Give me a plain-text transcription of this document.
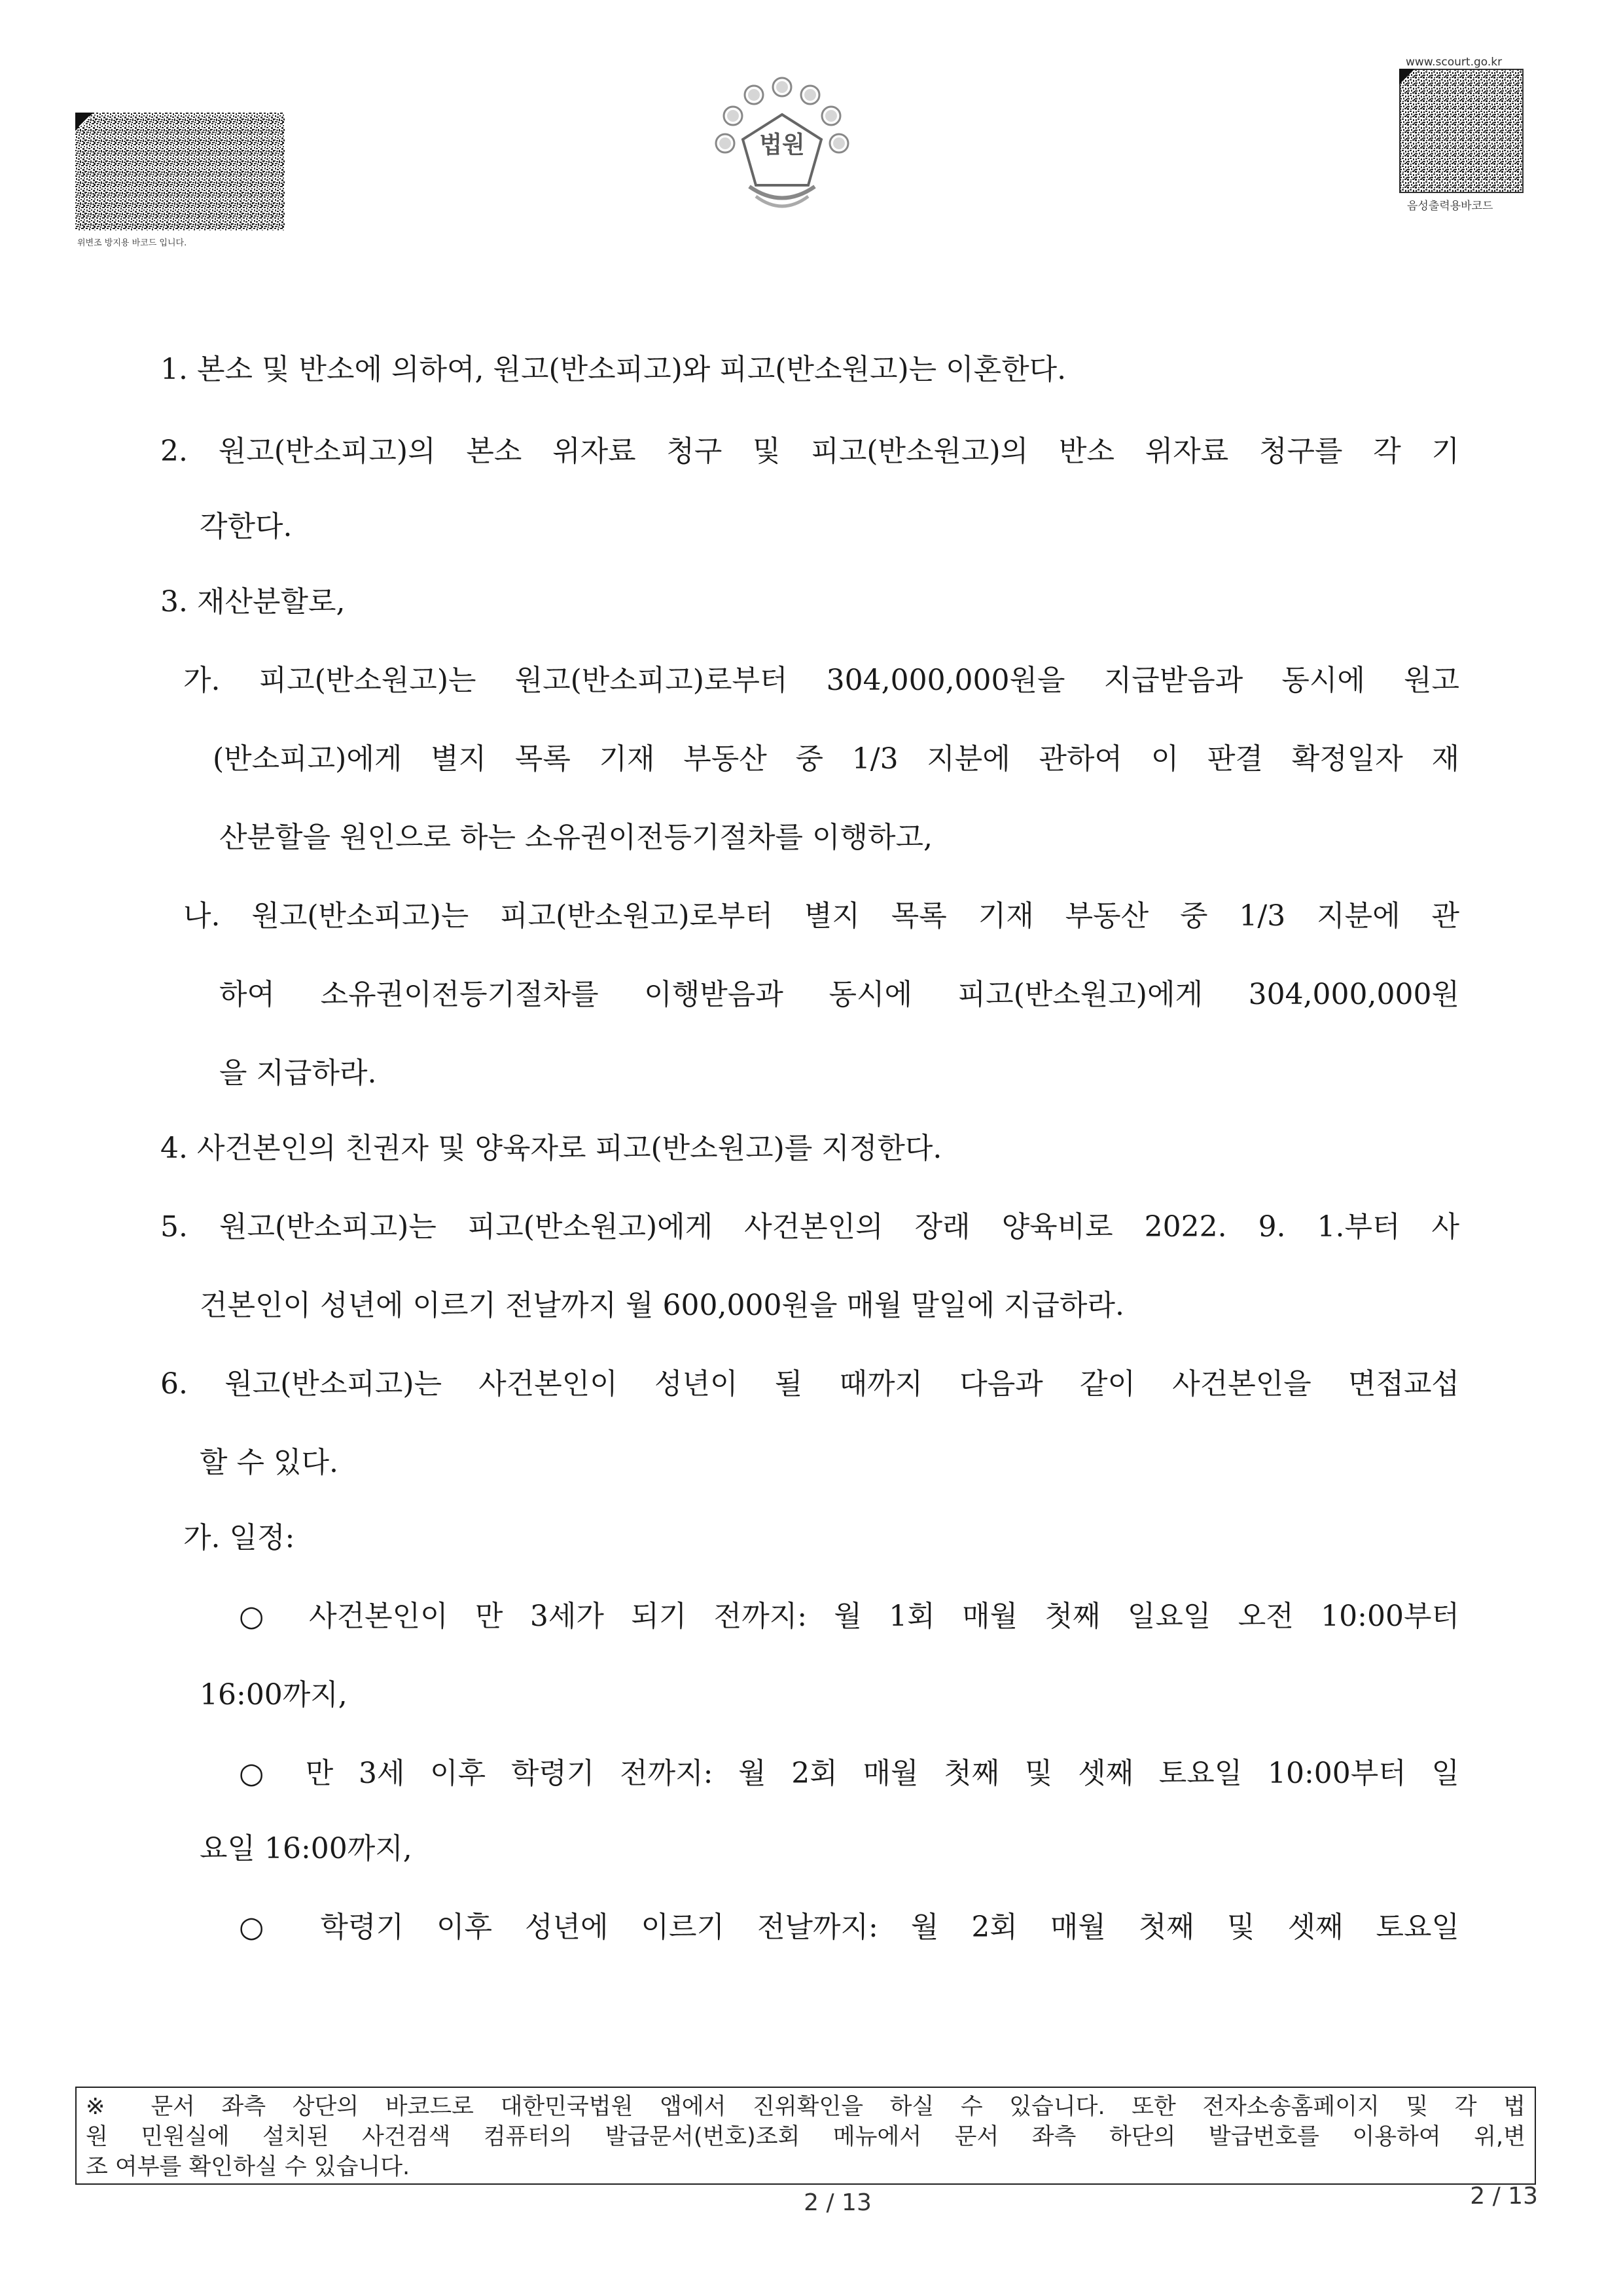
위변조 방지용 바코드 입니다.
법원
www.scourt.go.kr
음성출력용바코드
1. 본소 및 반소에 의하여, 원고(반소피고)와 피고(반소원고)는 이혼한다.
2. 원고(반소피고)의 본소 위자료 청구 및 피고(반소원고)의 반소 위자료 청구를 각 기
각한다.
3. 재산분할로,
가. 피고(반소원고)는 원고(반소피고)로부터 304,000,000원을 지급받음과 동시에 원고
(반소피고)에게 별지 목록 기재 부동산 중 1/3 지분에 관하여 이 판결 확정일자 재
산분할을 원인으로 하는 소유권이전등기절차를 이행하고,
나. 원고(반소피고)는 피고(반소원고)로부터 별지 목록 기재 부동산 중 1/3 지분에 관
하여 소유권이전등기절차를 이행받음과 동시에 피고(반소원고)에게 304,000,000원
을 지급하라.
4. 사건본인의 친권자 및 양육자로 피고(반소원고)를 지정한다.
5. 원고(반소피고)는 피고(반소원고)에게 사건본인의 장래 양육비로 2022. 9. 1.부터 사
건본인이 성년에 이르기 전날까지 월 600,000원을 매월 말일에 지급하라.
6. 원고(반소피고)는 사건본인이 성년이 될 때까지 다음과 같이 사건본인을 면접교섭
할 수 있다.
가. 일정:
○ 사건본인이 만 3세가 되기 전까지: 월 1회 매월 첫째 일요일 오전 10:00부터
16:00까지,
○ 만 3세 이후 학령기 전까지: 월 2회 매월 첫째 및 셋째 토요일 10:00부터 일
요일 16:00까지,
○ 학령기 이후 성년에 이르기 전날까지: 월 2회 매월 첫째 및 셋째 토요일
※ 문서 좌측 상단의 바코드로 대한민국법원 앱에서 진위확인을 하실 수 있습니다. 또한 전자소송홈페이지 및 각 법
원 민원실에 설치된 사건검색 컴퓨터의 발급문서(번호)조회 메뉴에서 문서 좌측 하단의 발급번호를 이용하여 위,변
조 여부를 확인하실 수 있습니다.
2 / 13	2 / 13
